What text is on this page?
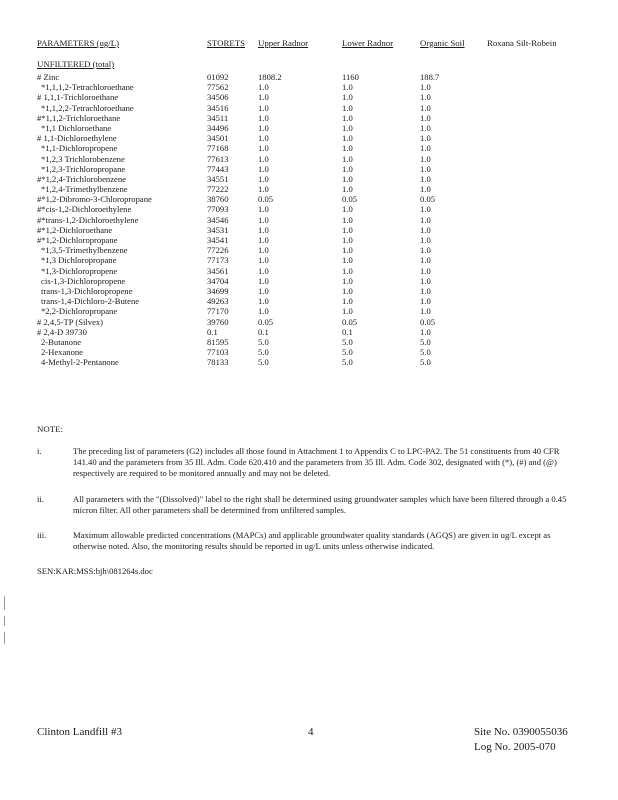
PARAMETERS (ug/L)	STORETS Upper Radnor	Lower Radnor	Organic Soil	Roxana Silt-Robein
UNFILTERED (total)
# Zinc	01092	1808.2	1160	188.7
*1,1,1,2-Tetrachloroethane	77562	1.0	1.0	1.0
# 1,1,1-Trichloroethane	34506	1.0	1.0	1.0
*1,1,2,2-Tetrachloroethane	34516	1.0	1.0	1.0
#*1,1,2-Trichloroethane	34511	1.0	1.0	1.0
*1,1 Dichloroethane	34496	1.0	1.0	1.0
# 1,1-Dichloroethylene	34501	1.0	1.0	1.0
*1,1-Dichloropropene	77168	1.0	1.0	1.0
*1,2,3 Trichlorobenzene	77613	1.0	1.0	1.0
*1,2,3-Trichloropropane	77443	1.0	1.0	1.0
#*1,2,4-Trichlorobenzene	34551	1.0	1.0	1.0
*1,2,4-Trimethylbenzene	77222	1.0	1.0	1.0
#*1,2-Dibromo-3-Chloropropane	38760	0.05	0.05	0.05
#*cis-1,2-Dichloroethylene	77093	1.0	1.0	1.0
#*trans-1,2-Dichloroethylene	34546	1.0	1.0	1.0
#*1,2-Dichloroethane	34531	1.0	1.0	1.0
#*1,2-Dichloropropane	34541	1.0	1.0	1.0
*1,3,5-Trimethylbenzene	77226	1.0	1.0	1.0
*1,3 Dichloropropane	77173	1.0	1.0	1.0
*1,3-Dichloropropene	34561	1.0	1.0	1.0
cis-1,3-Dichloropropene	34704	1.0	1.0	1.0
trans-1,3-Dichloropropene	34699	1.0	1.0	1.0
trans-1,4-Dichloro-2-Butene	49263	1.0	1.0	1.0
*2,2-Dichloropropane	77170	1.0	1.0	1.0
# 2,4,5-TP (Silvex)	39760	0.05	0.05	0.05
# 2,4-D 39730	0.1	0.1	0.1	1.0
2-Butanone	81595	5.0	5.0	5.0
2-Hexanone	77103	5.0	5.0	5.0
4-Methyl-2-Pentanone	78133	5.0	5.0	5.0
NOTE:
i.	The preceding list of parameters (G2) includes all those found in Attachment 1 to Appendix C to LPC-PA2. The 51 constituents from 40 CFR 141.40 and the parameters from 35 Ill. Adm. Code 620.410 and the parameters from 35 Ill. Adm. Code 302, designated with (*), (#) and (@) respectively are required to be monitored annually and may not be deleted.
ii.	All parameters with the "(Dissolved)" label to the right shall be determined using groundwater samples which have been filtered through a 0.45 micron filter. All other parameters shall be determined from unfiltered samples.
iii.	Maximum allowable predicted concentrations (MAPCs) and applicable groundwater quality standards (AGQS) are given in ug/L except as otherwise noted. Also, the monitoring results should be reported in ug/L units unless otherwise indicated.
SEN:KAR:MSS:bjh\081264s.doc
Clinton Landfill #3	4	Site No. 0390055036
Log No. 2005-070
